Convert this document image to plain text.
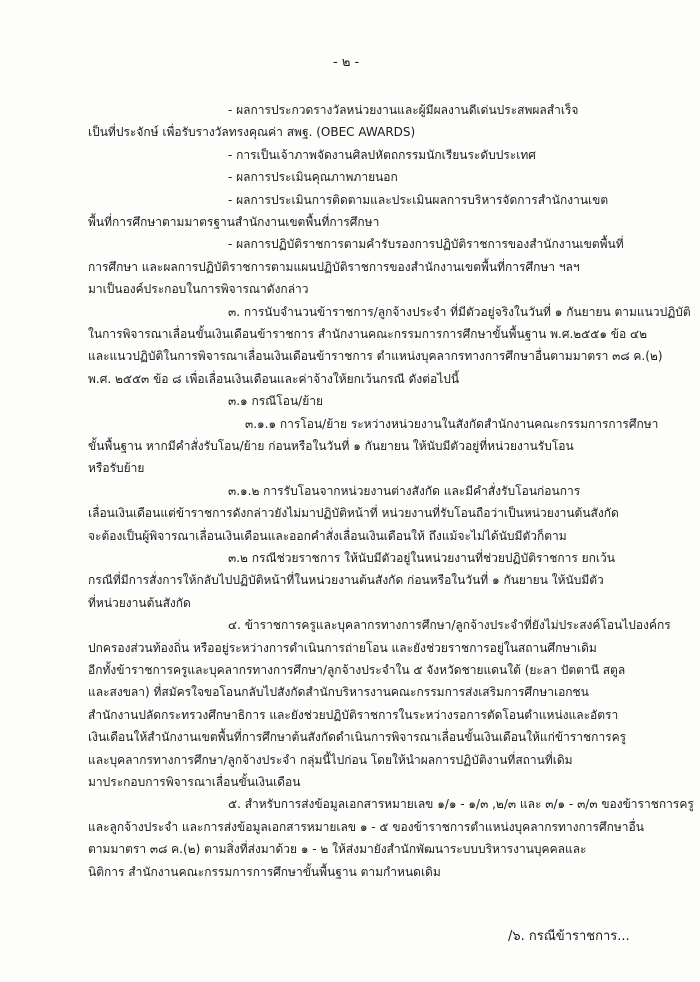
- ๒ -
- ผลการประกวดรางวัลหน่วยงานและผู้มีผลงานดีเด่นประสพผลสำเร็จ
เป็นที่ประจักษ์ เพื่อรับรางวัลทรงคุณค่า สพฐ. (OBEC AWARDS)
- การเป็นเจ้าภาพจัดงานศิลปหัตถกรรมนักเรียนระดับประเทศ
- ผลการประเมินคุณภาพภายนอก
- ผลการประเมินการติดตามและประเมินผลการบริหารจัดการสำนักงานเขต
พื้นที่การศึกษาตามมาตรฐานสำนักงานเขตพื้นที่การศึกษา
- ผลการปฏิบัติราชการตามคำรับรองการปฏิบัติราชการของสำนักงานเขตพื้นที่
การศึกษา และผลการปฏิบัติราชการตามแผนปฏิบัติราชการของสำนักงานเขตพื้นที่การศึกษา ฯลฯ
มาเป็นองค์ประกอบในการพิจารณาดังกล่าว
๓. การนับจำนวนข้าราชการ/ลูกจ้างประจำ ที่มีตัวอยู่จริงในวันที่ ๑ กันยายน ตามแนวปฏิบัติ
ในการพิจารณาเลื่อนขั้นเงินเดือนข้าราชการ สำนักงานคณะกรรมการการศึกษาขั้นพื้นฐาน พ.ศ.๒๕๕๑ ข้อ ๔๒
และแนวปฏิบัติในการพิจารณาเลื่อนเงินเดือนข้าราชการ ตำแหน่งบุคลากรทางการศึกษาอื่นตามมาตรา ๓๘ ค.(๒)
พ.ศ. ๒๕๕๓ ข้อ ๘ เพื่อเลื่อนเงินเดือนและค่าจ้างให้ยกเว้นกรณี ดังต่อไปนี้
๓.๑ กรณีโอน/ย้าย
๓.๑.๑ การโอน/ย้าย ระหว่างหน่วยงานในสังกัดสำนักงานคณะกรรมการการศึกษา
ขั้นพื้นฐาน หากมีคำสั่งรับโอน/ย้าย ก่อนหรือในวันที่ ๑ กันยายน ให้นับมีตัวอยู่ที่หน่วยงานรับโอน
หรือรับย้าย
๓.๑.๒ การรับโอนจากหน่วยงานต่างสังกัด และมีคำสั่งรับโอนก่อนการ
เลื่อนเงินเดือนแต่ข้าราชการดังกล่าวยังไม่มาปฏิบัติหน้าที่ หน่วยงานที่รับโอนถือว่าเป็นหน่วยงานต้นสังกัด
จะต้องเป็นผู้พิจารณาเลื่อนเงินเดือนและออกคำสั่งเลื่อนเงินเดือนให้ ถึงแม้จะไม่ได้นับมีตัวก็ตาม
๓.๒ กรณีช่วยราชการ ให้นับมีตัวอยู่ในหน่วยงานที่ช่วยปฏิบัติราชการ ยกเว้น
กรณีที่มีการสั่งการให้กลับไปปฏิบัติหน้าที่ในหน่วยงานต้นสังกัด ก่อนหรือในวันที่ ๑ กันยายน ให้นับมีตัว
ที่หน่วยงานต้นสังกัด
๔. ข้าราชการครูและบุคลากรทางการศึกษา/ลูกจ้างประจำที่ยังไม่ประสงค์โอนไปองค์กร
ปกครองส่วนท้องถิ่น หรืออยู่ระหว่างการดำเนินการถ่ายโอน และยังช่วยราชการอยู่ในสถานศึกษาเดิม
อีกทั้งข้าราชการครูและบุคลากรทางการศึกษา/ลูกจ้างประจำใน ๕ จังหวัดชายแดนใต้ (ยะลา ปัตตานี สตูล
และสงขลา) ที่สมัครใจขอโอนกลับไปสังกัดสำนักบริหารงานคณะกรรมการส่งเสริมการศึกษาเอกชน
สำนักงานปลัดกระทรวงศึกษาธิการ และยังช่วยปฏิบัติราชการในระหว่างรอการตัดโอนตำแหน่งและอัตรา
เงินเดือนให้สำนักงานเขตพื้นที่การศึกษาต้นสังกัดดำเนินการพิจารณาเลื่อนขั้นเงินเดือนให้แก่ข้าราชการครู
และบุคลากรทางการศึกษา/ลูกจ้างประจำ กลุ่มนี้ไปก่อน โดยให้นำผลการปฏิบัติงานที่สถานที่เดิม
มาประกอบการพิจารณาเลื่อนขั้นเงินเดือน
๕. สำหรับการส่งข้อมูลเอกสารหมายเลข ๑/๑ - ๑/๓ ,๒/๓ และ ๓/๑ - ๓/๓ ของข้าราชการครู
และลูกจ้างประจำ และการส่งข้อมูลเอกสารหมายเลข ๑ - ๕ ของข้าราชการตำแหน่งบุคลากรทางการศึกษาอื่น
ตามมาตรา ๓๘ ค.(๒) ตามสิ่งที่ส่งมาด้วย ๑ - ๒ ให้ส่งมายังสำนักพัฒนาระบบบริหารงานบุคคลและ
นิติการ สำนักงานคณะกรรมการการศึกษาขั้นพื้นฐาน ตามกำหนดเดิม
/๖. กรณีข้าราชการ...
